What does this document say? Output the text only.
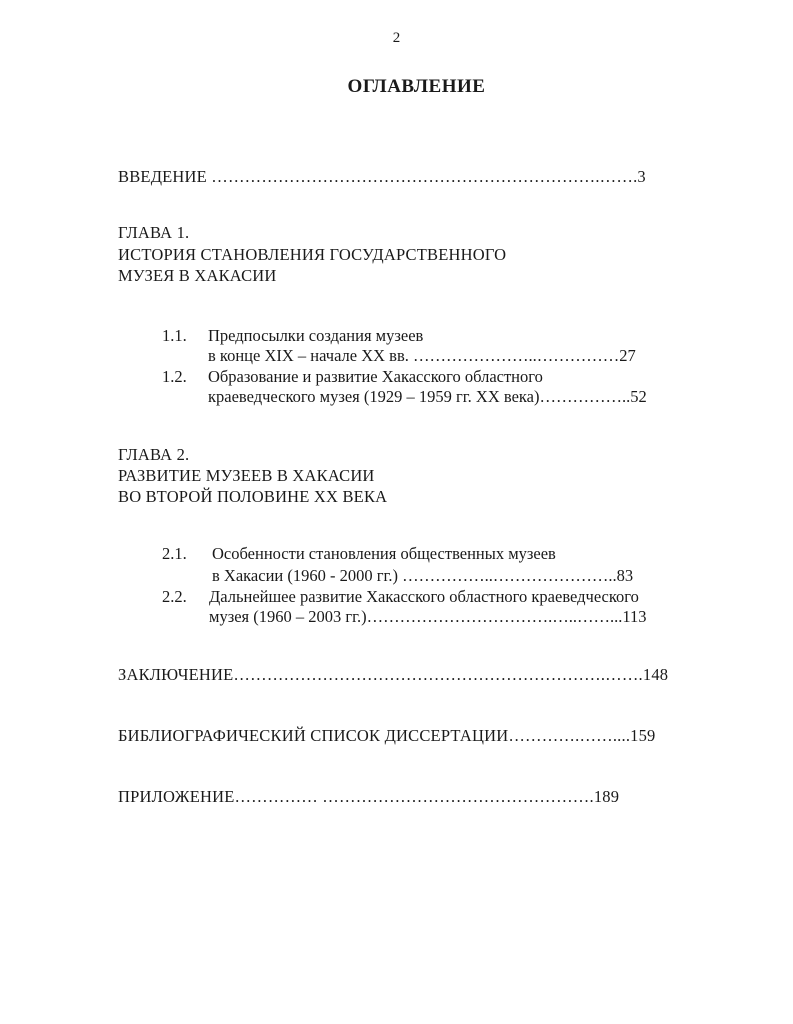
2
ОГЛАВЛЕНИЕ
ВВЕДЕНИЕ …………………………………………………………….…….3
ГЛАВА 1.
ИСТОРИЯ СТАНОВЛЕНИЯ ГОСУДАРСТВЕННОГО
МУЗЕЯ В ХАКАСИИ
1.1. Предпосылки создания музеев
в конце XIX – начале XX вв. …………………..……………27
1.2. Образование и развитие Хакасского областного
краеведческого музея (1929 – 1959 гг. XX века)……………..52
ГЛАВА 2.
РАЗВИТИЕ МУЗЕЕВ В ХАКАСИИ
ВО ВТОРОЙ ПОЛОВИНЕ XX ВЕКА
2.1. Особенности становления общественных музеев
в Хакасии (1960 - 2000 гг.) ……………..…………………..83
2.2. Дальнейшее развитие Хакасского областного краеведческого
музея (1960 – 2003 гг.)…………………………….…..……...113
ЗАКЛЮЧЕНИЕ………………………………………………………….…….148
БИБЛИОГРАФИЧЕСКИЙ СПИСОК ДИССЕРТАЦИИ………….……....159
ПРИЛОЖЕНИЕ…………… ………………………………………….189
